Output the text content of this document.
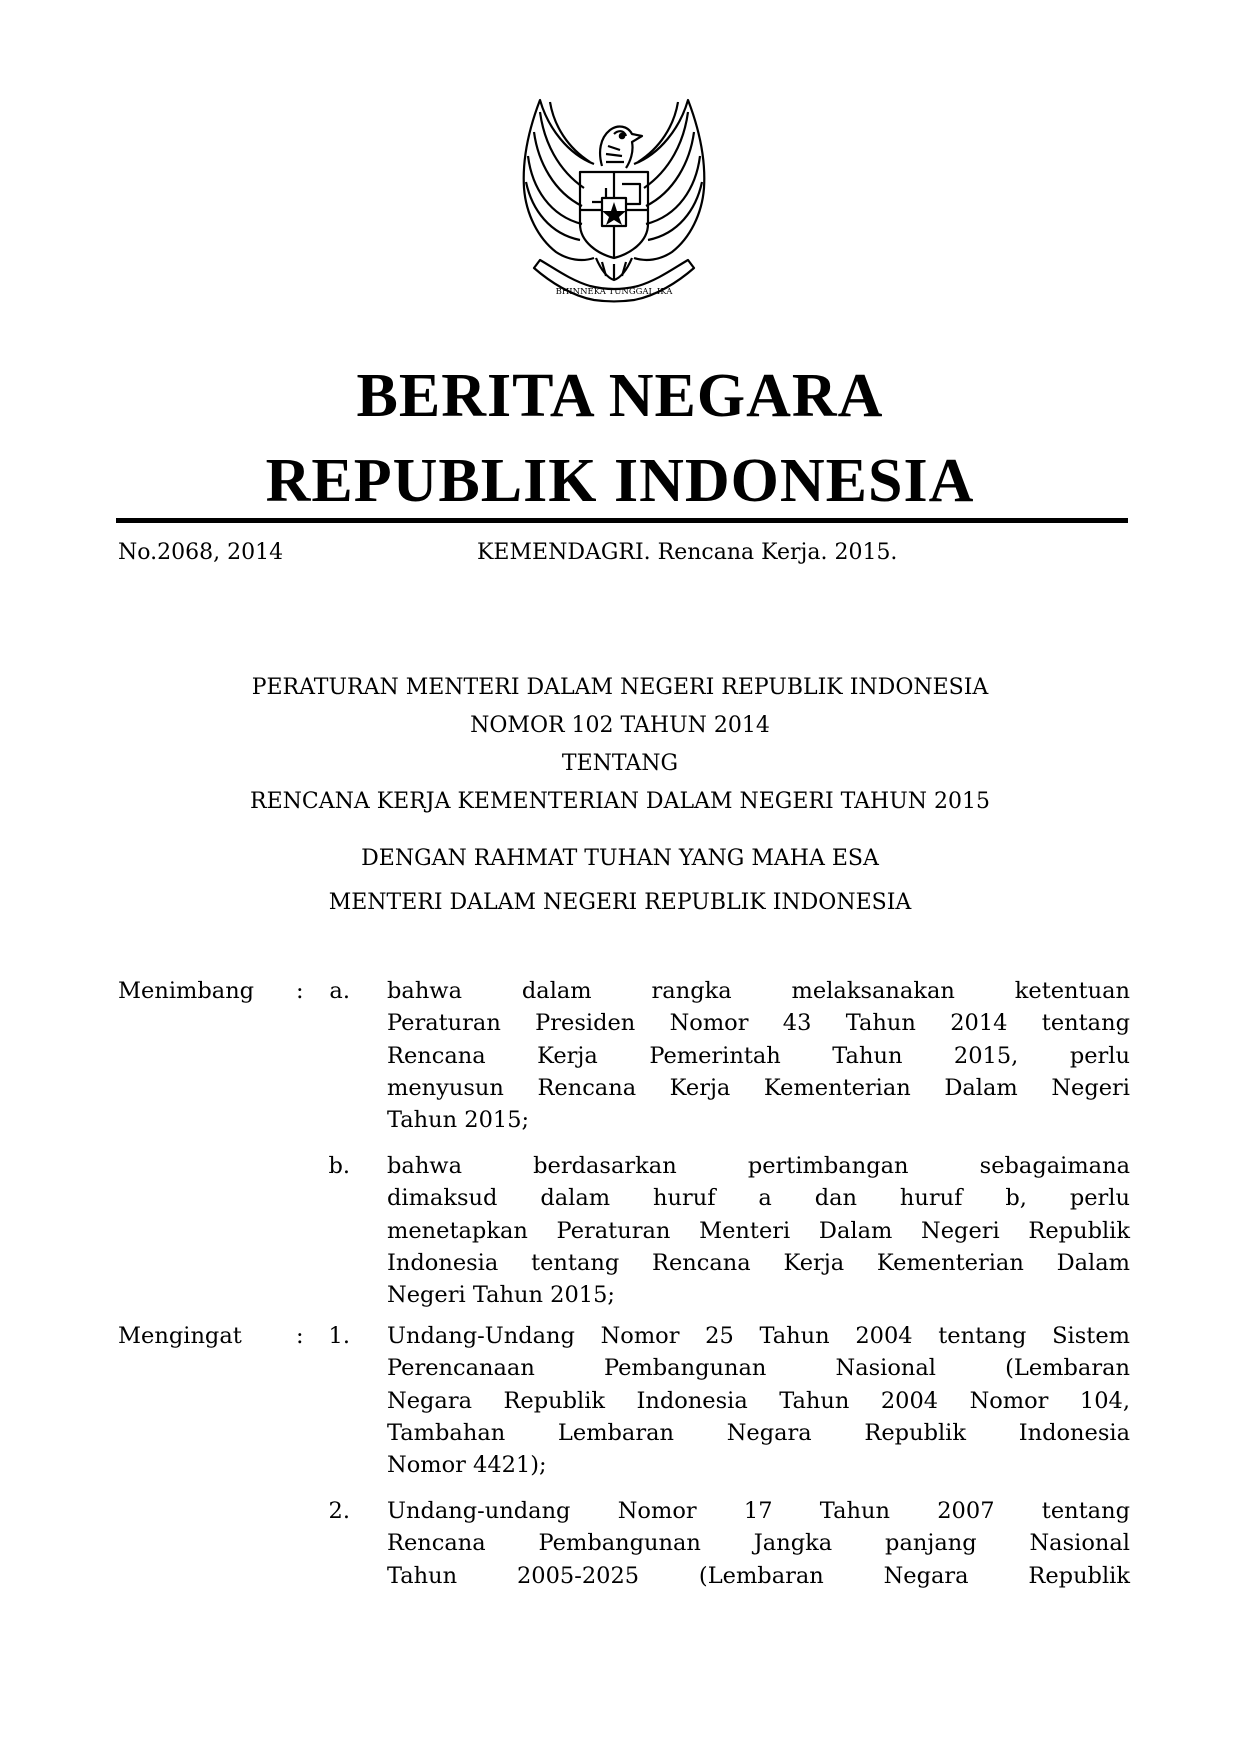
BHINNEKA TUNGGAL IKA
BERITA NEGARA
REPUBLIK INDONESIA
No.2068, 2014	KEMENDAGRI. Rencana Kerja. 2015.
PERATURAN MENTERI DALAM NEGERI REPUBLIK INDONESIA
NOMOR 102 TAHUN 2014
TENTANG
RENCANA KERJA KEMENTERIAN DALAM NEGERI TAHUN 2015
DENGAN RAHMAT TUHAN YANG MAHA ESA
MENTERI DALAM NEGERI REPUBLIK INDONESIA
Menimbang :	a. bahwa dalam rangka melaksanakan ketentuan
Peraturan Presiden Nomor 43 Tahun 2014 tentang
Rencana Kerja Pemerintah Tahun 2015, perlu
menyusun Rencana Kerja Kementerian Dalam Negeri
Tahun 2015;
b. bahwa berdasarkan pertimbangan sebagaimana
dimaksud dalam huruf a dan huruf b, perlu
menetapkan Peraturan Menteri Dalam Negeri Republik
Indonesia tentang Rencana Kerja Kementerian Dalam
Negeri Tahun 2015;
Mengingat :	1. Undang-Undang Nomor 25 Tahun 2004 tentang Sistem
Perencanaan Pembangunan Nasional (Lembaran
Negara Republik Indonesia Tahun 2004 Nomor 104,
Tambahan Lembaran Negara Republik Indonesia
Nomor 4421);
2. Undang-undang Nomor 17 Tahun 2007 tentang
Rencana Pembangunan Jangka panjang Nasional
Tahun 2005-2025 (Lembaran Negara Republik
